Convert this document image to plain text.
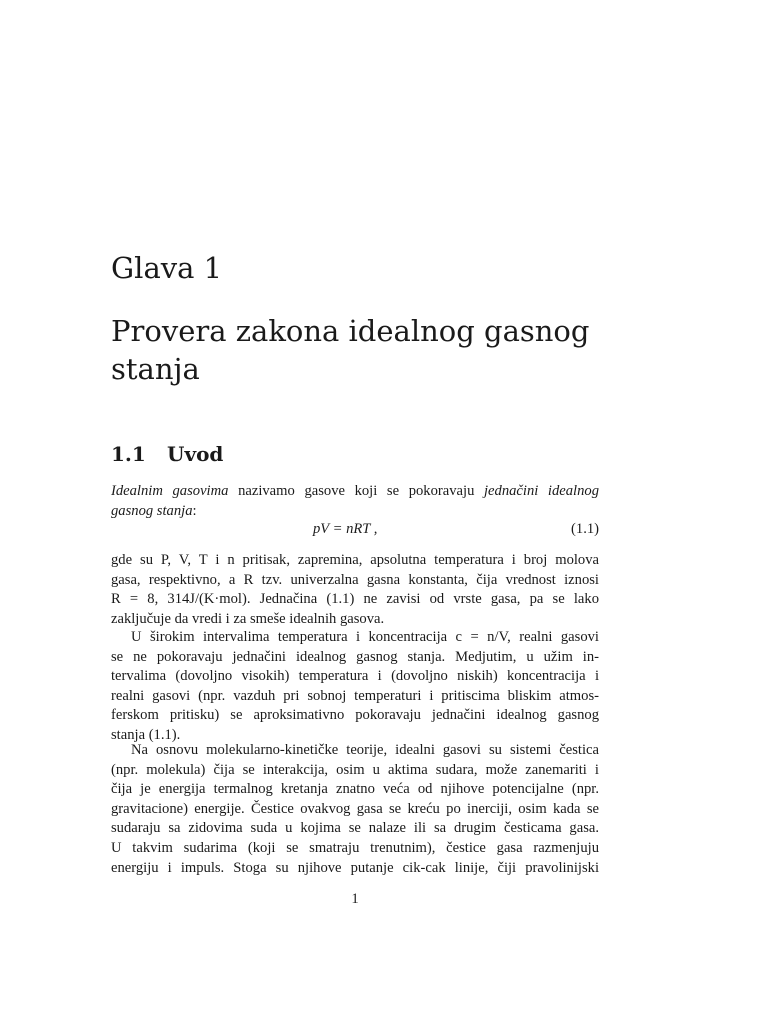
Glava 1
Provera zakona idealnog gasnog
stanja
1.1 Uvod
Idealnim gasovima nazivamo gasove koji se pokoravaju jednačini idealnog
gasnog stanja:
pV = nRT ,	(1.1)
gde su P, V, T i n pritisak, zapremina, apsolutna temperatura i broj molova
gasa, respektivno, a R tzv. univerzalna gasna konstanta, čija vrednost iznosi
R = 8, 314J/(K·mol). Jednačina (1.1) ne zavisi od vrste gasa, pa se lako
zaključuje da vredi i za smeše idealnih gasova.
U širokim intervalima temperatura i koncentracija c = n/V, realni gasovi
se ne pokoravaju jednačini idealnog gasnog stanja. Medjutim, u užim in-
tervalima (dovoljno visokih) temperatura i (dovoljno niskih) koncentracija i
realni gasovi (npr. vazduh pri sobnoj temperaturi i pritiscima bliskim atmos-
ferskom pritisku) se aproksimativno pokoravaju jednačini idealnog gasnog
stanja (1.1).
Na osnovu molekularno-kinetičke teorije, idealni gasovi su sistemi čestica
(npr. molekula) čija se interakcija, osim u aktima sudara, može zanemariti i
čija je energija termalnog kretanja znatno veća od njihove potencijalne (npr.
gravitacione) energije. Čestice ovakvog gasa se kreću po inerciji, osim kada se
sudaraju sa zidovima suda u kojima se nalaze ili sa drugim česticama gasa.
U takvim sudarima (koji se smatraju trenutnim), čestice gasa razmenjuju
energiju i impuls. Stoga su njihove putanje cik-cak linije, čiji pravolinijski
1
